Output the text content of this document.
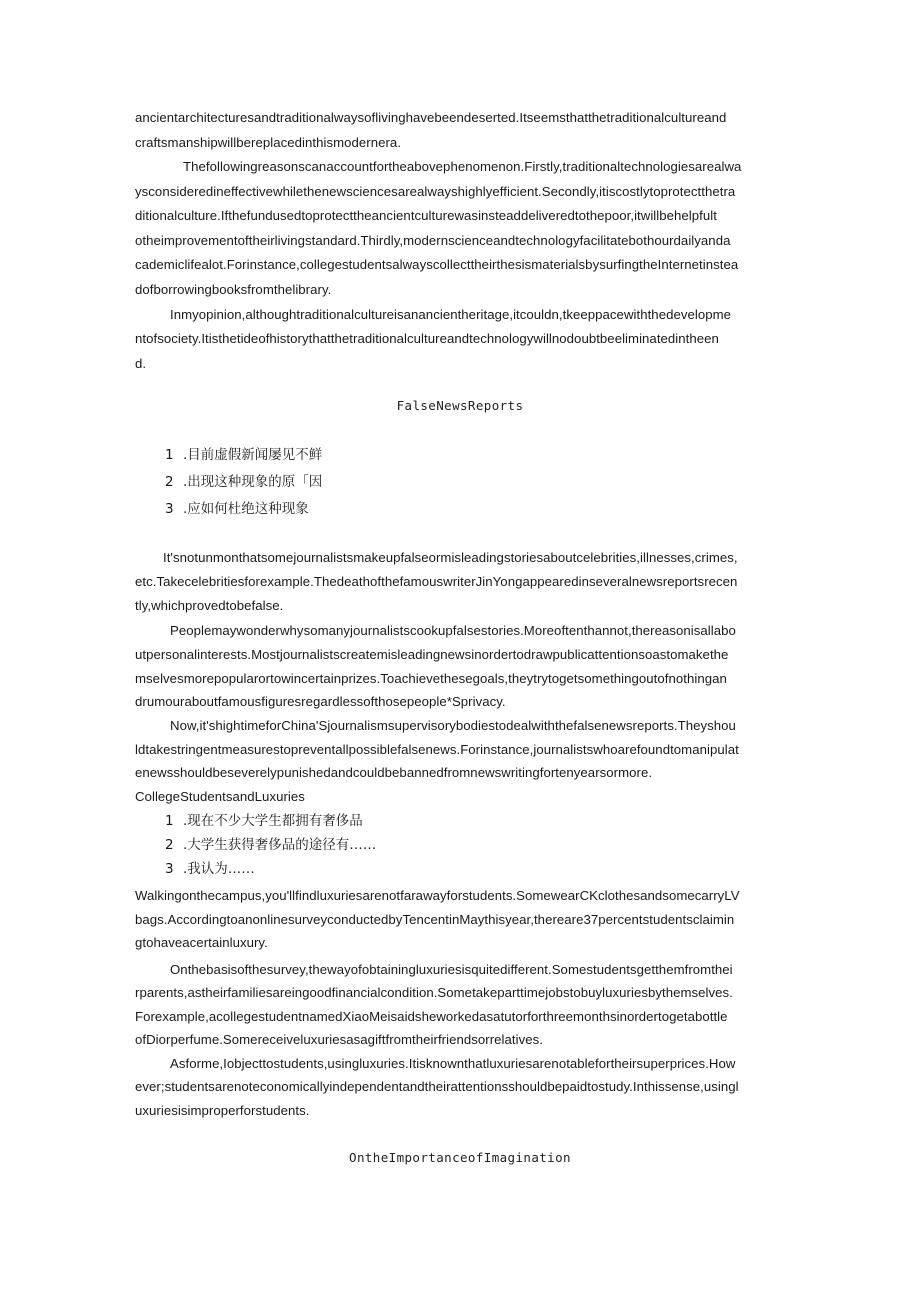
ancientarchitecturesandtraditionalwaysoflivinghavebeendeserted.Itseemsthatthetraditionalcultureand
craftsmanshipwillbereplacedinthismodernera.
Thefollowingreasonscanaccountfortheabovephenomenon.Firstly,traditionaltechnologiesarealwa
ysconsideredineffectivewhilethenewsciencesarealwayshighlyefficient.Secondly,itiscostlytoprotectthetra
ditionalculture.Ifthefundusedtoprotecttheancientculturewasinsteaddeliveredtothepoor,itwillbehelpfult
otheimprovementoftheirlivingstandard.Thirdly,modernscienceandtechnologyfacilitatebothourdailyanda
cademiclifealot.Forinstance,collegestudentsalwayscollecttheirthesismaterialsbysurfingtheInternetinstea
dofborrowingbooksfromthelibrary.
Inmyopinion,althoughtraditionalcultureisanancientheritage,itcouldn,tkeeppacewiththedevelopme
ntofsociety.Itisthetideofhistorythatthetraditionalcultureandtechnologywillnodoubtbeeliminatedintheen
d.
FalseNewsReports
1 .目前虚假新闻屡见不鲜
2 .出现这种现象的原「因
3 .应如何杜绝这种现象
It'snotunmonthatsomejournalistsmakeupfalseormisleadingstoriesaboutcelebrities,illnesses,crimes,
etc.Takecelebritiesforexample.ThedeathofthefamouswriterJinYongappearedinseveralnewsreportsrecen
tly,whichprovedtobefalse.
Peoplemaywonderwhysomanyjournalistscookupfalsestories.Moreoftenthannot,thereasonisallabo
utpersonalinterests.Mostjournalistscreatemisleadingnewsinordertodrawpublicattentionsoastomakethe
mselvesmorepopularortowincertainprizes.Toachievethesegoals,theytrytogetsomethingoutofnothingan
drumouraboutfamousfiguresregardlessofthosepeople*Sprivacy.
Now,it'shightimeforChina'Sjournalismsupervisorybodiestodealwiththefalsenewsreports.Theyshou
ldtakestringentmeasurestopreventallpossiblefalsenews.Forinstance,journalistswhoarefoundtomanipulat
enewsshouldbeseverelypunishedandcouldbebannedfromnewswritingfortenyearsormore.
CollegeStudentsandLuxuries
1 .现在不少大学生都拥有奢侈品
2 .大学生获得奢侈品的途径有……
3 .我认为……
Walkingonthecampus,you'llfindluxuriesarenotfarawayforstudents.SomewearCKclothesandsomecarryLV
bags.AccordingtoanonlinesurveyconductedbyTencentinMaythisyear,thereare37percentstudentsclaimin
gtohaveacertainluxury.
Onthebasisofthesurvey,thewayofobtainingluxuriesisquitedifferent.Somestudentsgetthemfromthei
rparents,astheirfamiliesareingoodfinancialcondition.Sometakeparttimejobstobuyluxuriesbythemselves.
Forexample,acollegestudentnamedXiaoMeisaidsheworkedasatutorforthreemonthsinordertogetabottle
ofDiorperfume.Somereceiveluxuriesasagiftfromtheirfriendsorrelatives.
Asforme,Iobjecttostudents,usingluxuries.Itisknownthatluxuriesarenotablefortheirsuperprices.How
ever;studentsarenoteconomicallyindependentandtheirattentionsshouldbepaidtostudy.Inthissense,usingl
uxuriesisimproperforstudents.
OntheImportanceofImagination
